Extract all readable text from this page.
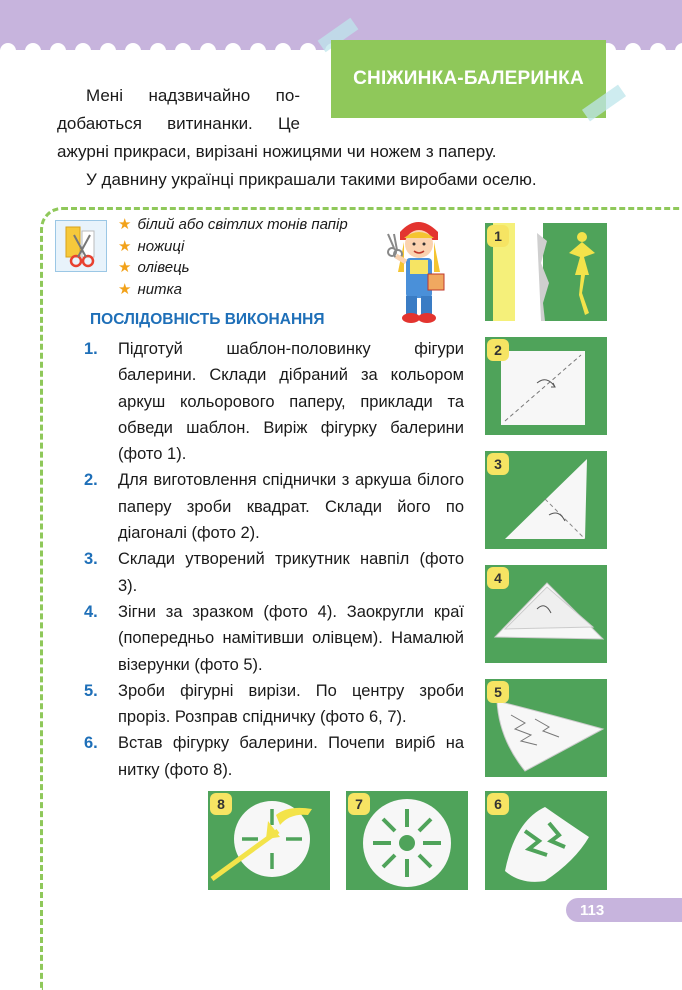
СНІЖИНКА-БАЛЕРИНКА
Мені надзвичайно по-
добаються витинанки. Це
ажурні прикраси, вирізані ножицями чи ножем з паперу.
У давнину українці прикрашали такими виробами оселю.
★ білий або світлих тонів папір
★ ножиці
★ олівець
★ нитка
ПОСЛІДОВНІСТЬ ВИКОНАННЯ
1.	Підготуй шаблон-половинку фігури балерини. Склади дібраний за кольором аркуш кольорового паперу, приклади та обведи шаблон. Виріж фігурку балерини (фото 1).
2.	Для виготовлення спіднички з аркуша білого паперу зроби квадрат. Склади його по діагоналі (фото 2).
3.	Склади утворений трикутник навпіл (фото 3).
4.	Зігни за зразком (фото 4). Заокругли краї (попередньо намітивши олівцем). Намалюй візерунки (фото 5).
5.	Зроби фігурні вирізи. По центру зроби проріз. Розправ спідничку (фото 6, 7).
6.	Встав фігурку балерини. Почепи виріб на нитку (фото 8).
1
2
3
4
5
6
7
8
113
